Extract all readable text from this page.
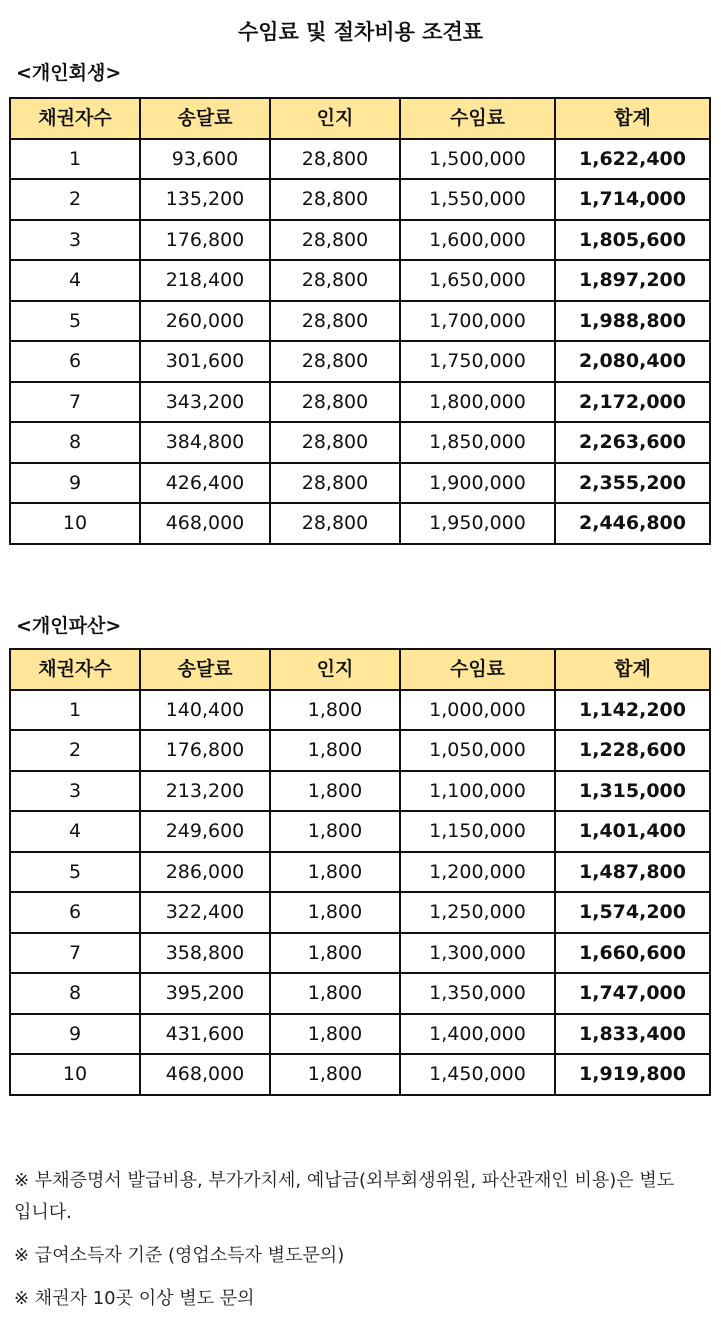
수임료 및 절차비용 조견표
<개인회생>
채권자수	송달료	인지	수임료	합계
1	93,600	28,800	1,500,000	1,622,400
2	135,200	28,800	1,550,000	1,714,000
3	176,800	28,800	1,600,000	1,805,600
4	218,400	28,800	1,650,000	1,897,200
5	260,000	28,800	1,700,000	1,988,800
6	301,600	28,800	1,750,000	2,080,400
7	343,200	28,800	1,800,000	2,172,000
8	384,800	28,800	1,850,000	2,263,600
9	426,400	28,800	1,900,000	2,355,200
10	468,000	28,800	1,950,000	2,446,800
<개인파산>
채권자수	송달료	인지	수임료	합계
1	140,400	1,800	1,000,000	1,142,200
2	176,800	1,800	1,050,000	1,228,600
3	213,200	1,800	1,100,000	1,315,000
4	249,600	1,800	1,150,000	1,401,400
5	286,000	1,800	1,200,000	1,487,800
6	322,400	1,800	1,250,000	1,574,200
7	358,800	1,800	1,300,000	1,660,600
8	395,200	1,800	1,350,000	1,747,000
9	431,600	1,800	1,400,000	1,833,400
10	468,000	1,800	1,450,000	1,919,800

※ 부채증명서 발급비용, 부가가치세, 예납금(외부회생위원, 파산관재인 비용)은 별도 입니다.

※ 급여소득자 기준 (영업소득자 별도문의)

※ 채권자 10곳 이상 별도 문의
